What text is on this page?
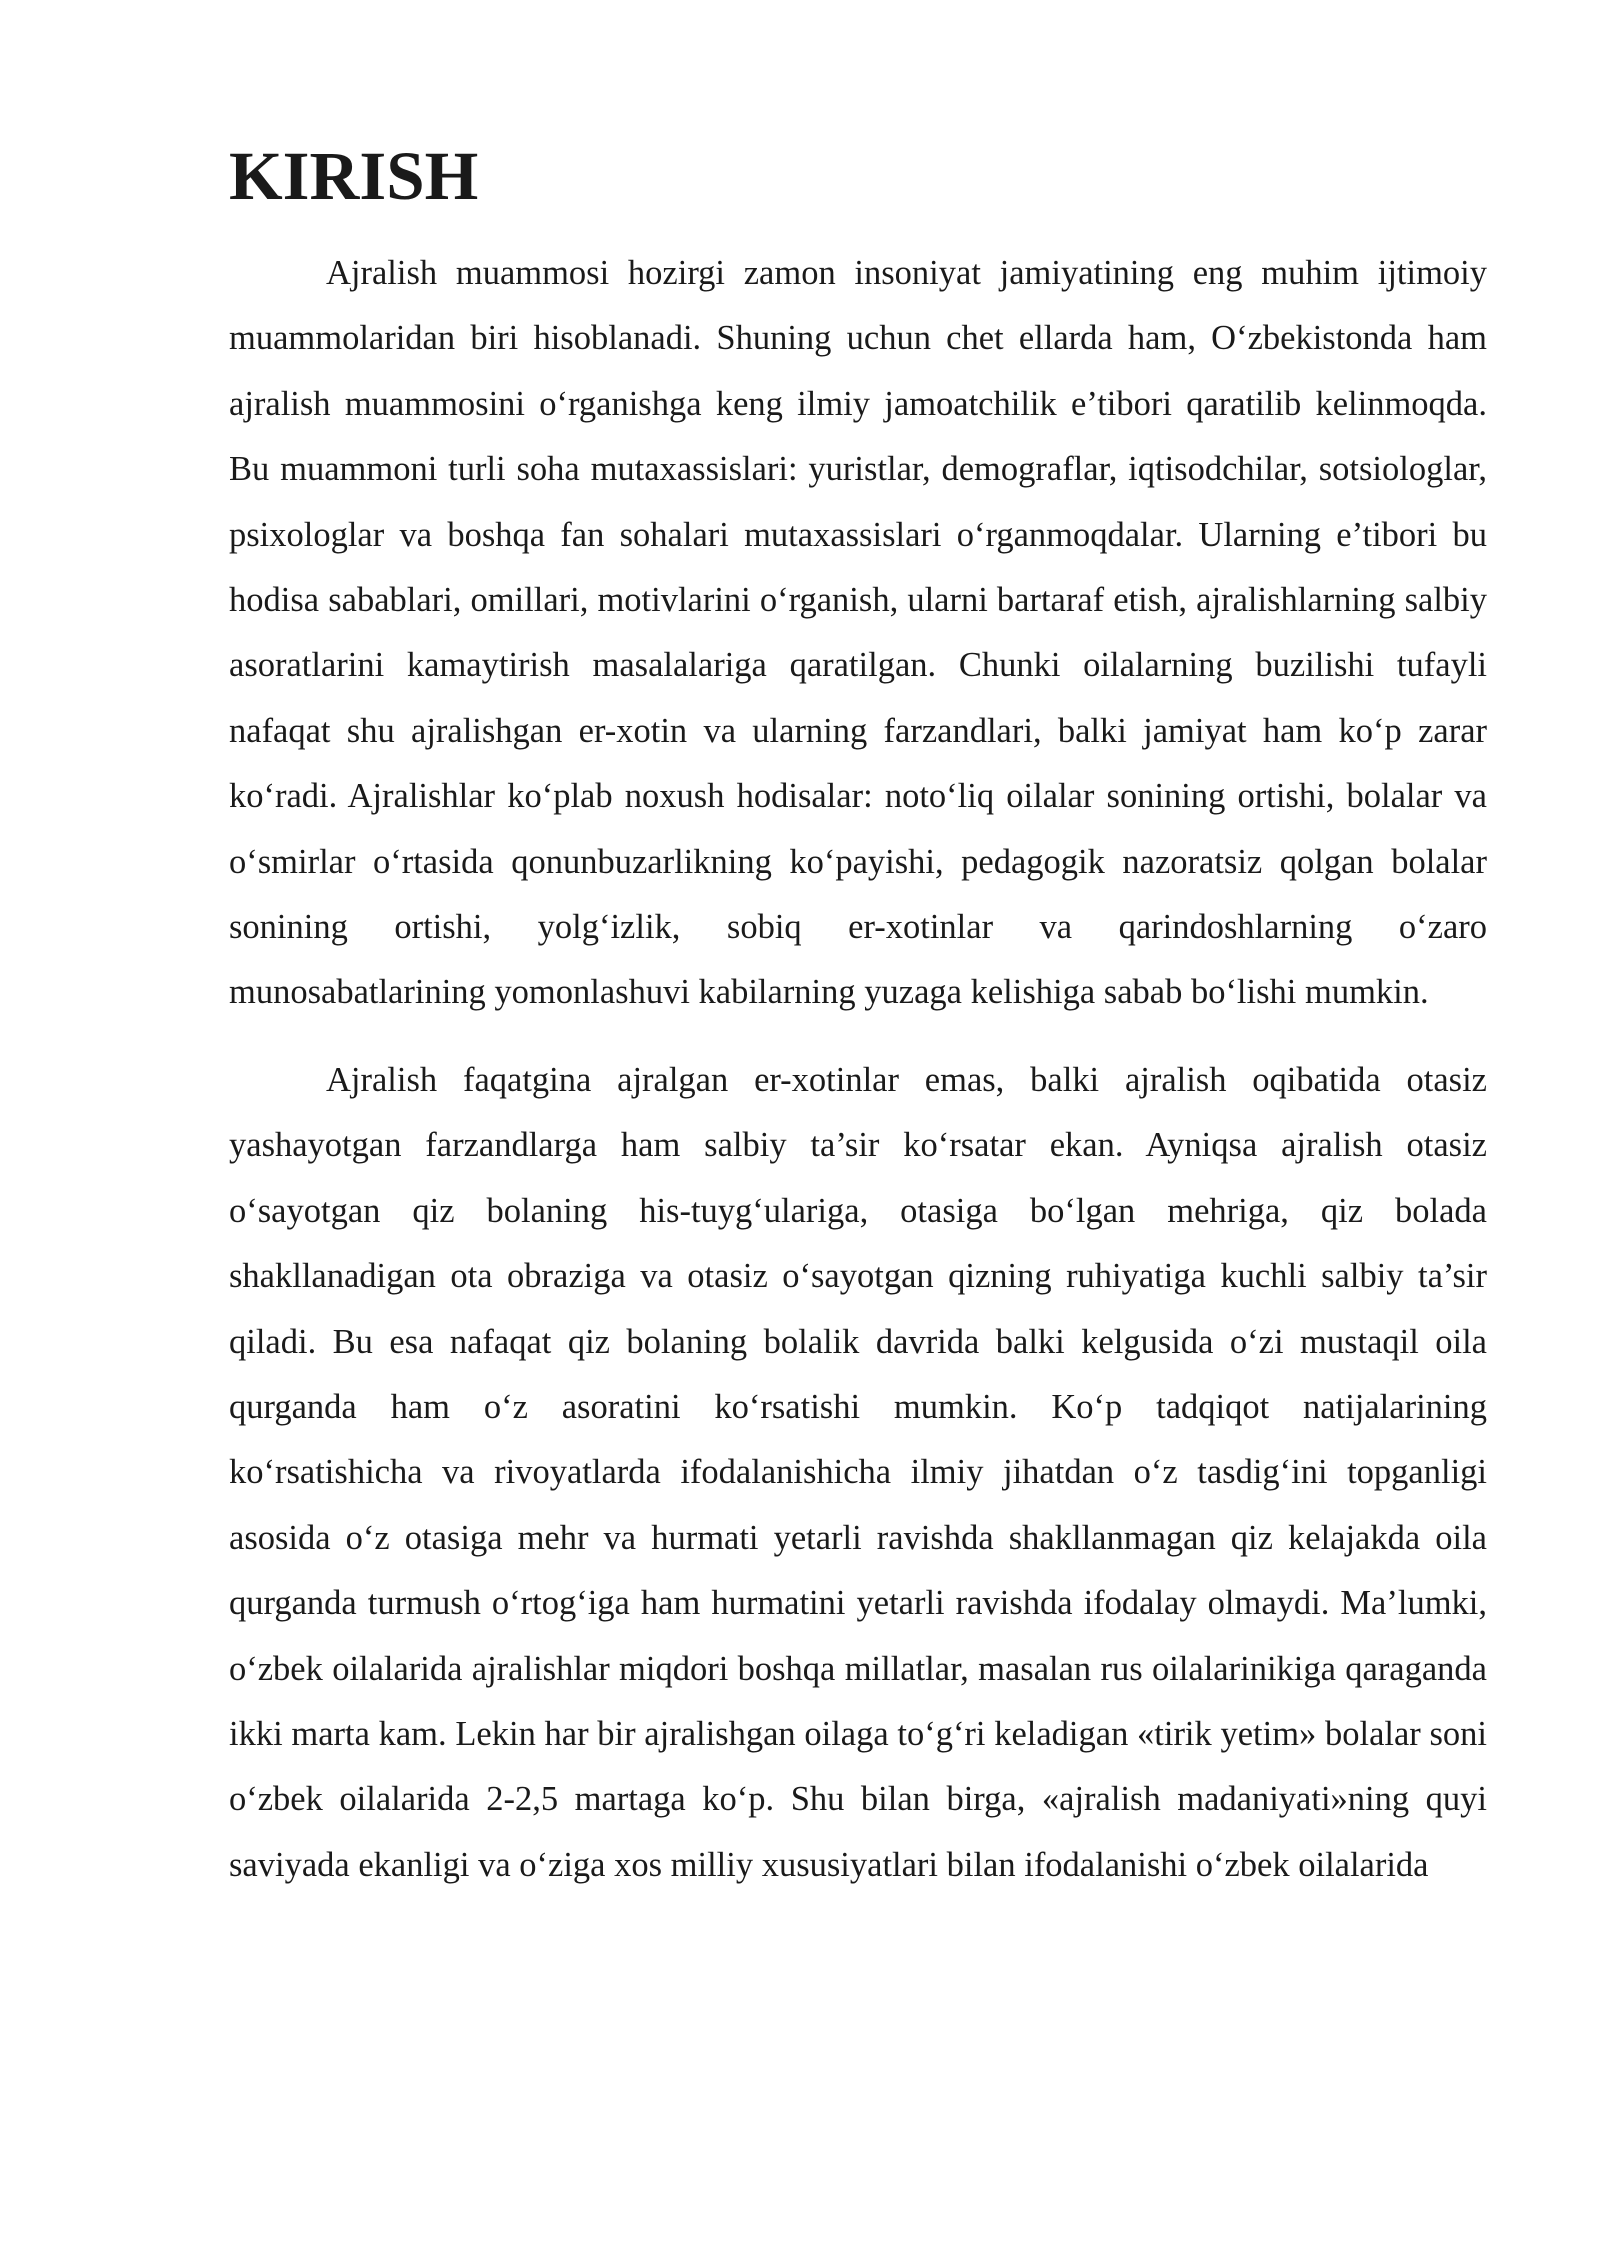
KIRISH

Ajralish muammosi hozirgi zamon insoniyat jamiyatining eng muhim ijtimoiy muammolaridan biri hisoblanadi. Shuning uchun chet ellarda ham, O‘zbekistonda ham ajralish muammosini o‘rganishga keng ilmiy jamoatchilik e’tibori qaratilib kelinmoqda. Bu muammoni turli soha mutaxassislari: yuristlar, demograflar, iqtisodchilar, sotsiologlar, psixologlar va boshqa fan sohalari mutaxassislari o‘rganmoqdalar. Ularning e’tibori bu hodisa sabablari, omillari, motivlarini o‘rganish, ularni bartaraf etish, ajralishlarning salbiy asoratlarini kamaytirish masalalariga qaratilgan. Chunki oilalarning buzilishi tufayli nafaqat shu ajralishgan er-xotin va ularning farzandlari, balki jamiyat ham ko‘p zarar ko‘radi. Ajralishlar ko‘plab noxush hodisalar: noto‘liq oilalar sonining ortishi, bolalar va o‘smirlar o‘rtasida qonunbuzarlikning ko‘payishi, pedagogik nazoratsiz qolgan bolalar sonining ortishi, yolg‘izlik, sobiq er-xotinlar va qarindoshlarning o‘zaro munosabatlarining yomonlashuvi kabilarning yuzaga kelishiga sabab bo‘lishi mumkin.

Ajralish faqatgina ajralgan er-xotinlar emas, balki ajralish oqibatida otasiz yashayotgan farzandlarga ham salbiy ta’sir ko‘rsatar ekan. Ayniqsa ajralish otasiz o‘sayotgan qiz bolaning his-tuyg‘ulariga, otasiga bo‘lgan mehriga, qiz bolada shakllanadigan ota obraziga va otasiz o‘sayotgan qizning ruhiyatiga kuchli salbiy ta’sir qiladi. Bu esa nafaqat qiz bolaning bolalik davrida balki kelgusida o‘zi mustaqil oila qurganda ham o‘z asoratini ko‘rsatishi mumkin. Ko‘p tadqiqot natijalarining ko‘rsatishicha va rivoyatlarda ifodalanishicha ilmiy jihatdan o‘z tasdig‘ini topganligi asosida o‘z otasiga mehr va hurmati yetarli ravishda shakllanmagan qiz kelajakda oila qurganda turmush o‘rtog‘iga ham hurmatini yetarli ravishda ifodalay olmaydi. Ma’lumki, o‘zbek oilalarida ajralishlar miqdori boshqa millatlar, masalan rus oilalarinikiga qaraganda ikki marta kam. Lekin har bir ajralishgan oilaga to‘g‘ri keladigan «tirik yetim» bolalar soni o‘zbek oilalarida 2-2,5 martaga ko‘p. Shu bilan birga, «ajralish madaniyati»ning quyi saviyada ekanligi va o‘ziga xos milliy xususiyatlari bilan ifodalanishi o‘zbek oilalarida
